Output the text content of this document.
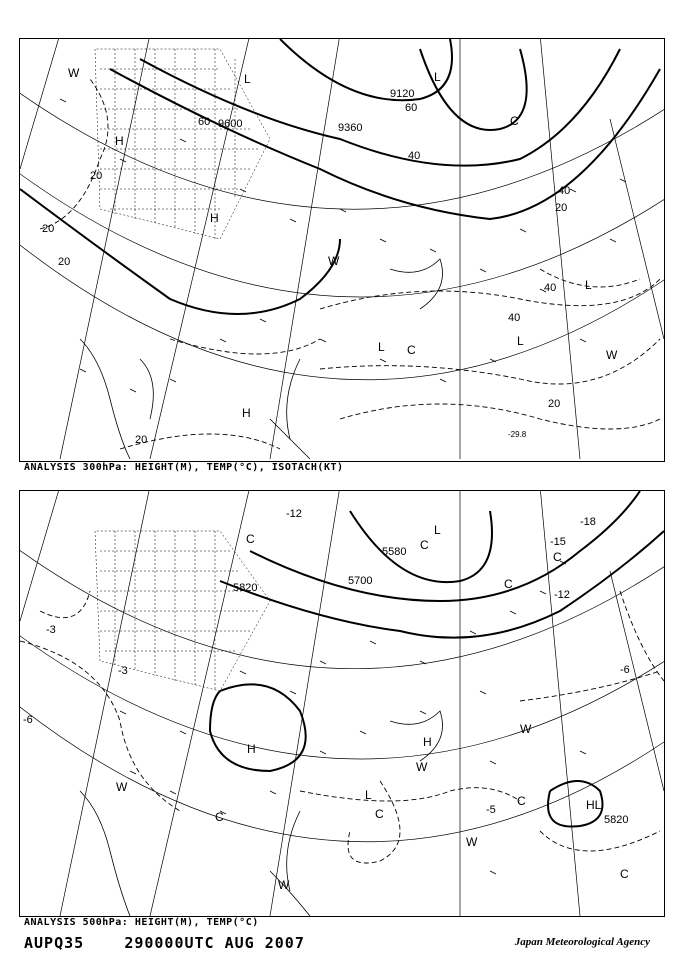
20
20
20
20
20
20
40
40
40
40
60
60
9600	9360
9120
-29.8
H
H
H
W
W
W
L	L
L
L	L
C
C
ANALYSIS 300hPa: HEIGHT(M), TEMP(°C), ISOTACH(KT)
5820
5700
5580
5820
-3
-3
-6
-6
-12
-12
-15
-18
-5
C
C	C
C
C
C
C
C
L
L
H	H
HL
W
W
W
W
W
ANALYSIS 500hPa: HEIGHT(M), TEMP(°C)
AUPQ35	290000UTC AUG 2007	Japan Meteorological Agency
